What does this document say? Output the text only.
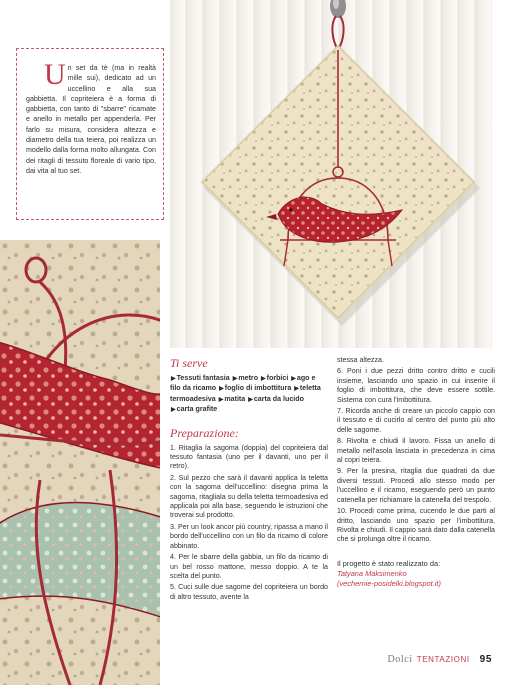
U n set da tè (ma in realtà mille sui), dedicato ad un uccellino e alla sua gabbietta. Il copriteiera è a forma di gabbietta, con tanto di "sbarre" ricamate e anello in metallo per appenderla. Per farlo su misura, considera altezza e diametro della tua teiera, poi realizza un modello dalla forma molto allungata. Con dei ritagli di tessuto floreale di vario tipo, dai vita al tuo set.
Ti serve
▶Tessuti fantasia ▶metro ▶forbici ▶ago e filo da ricamo ▶foglio di imbottitura ▶teletta termoadesiva ▶matita ▶carta da lucido ▶carta grafite
Preparazione:

1. Ritaglia la sagoma (doppia) del copriteiera dal tessuto fantasia (uno per il davanti, uno per il retro).

2. Sul pezzo che sarà il davanti applica la teletta con la sagoma dell'uccellino: disegna prima la sagoma, ritagliala su della teletta termoadesiva ed applicala poi alla base, seguendo le istruzioni che troverai sul prodotto.

3. Per un look ancor più country, ripassa a mano il bordo dell'uccellino con un filo da ricamo di colore abbinato.

4. Per le sbarre della gabbia, un filo da ricamo di un bel rosso mattone, messo doppio. A te la scelta del punto.

5. Cuci sulle due sagome del copriteiera un bordo di altro tessuto, avente la

stessa altezza.

6. Poni i due pezzi dritto contro dritto e cucili insieme, lasciando uno spazio in cui inserire il foglio di imbottitura, che deve essere sottile. Sistema con cura l'imbottitura.

7. Ricorda anche di creare un piccolo cappio con il tessuto e di cucirlo al centro del punto più alto delle sagome.

8. Rivolta e chiudi il lavoro. Fissa un anello di metallo nell'asola lasciata in precedenza in cima al copri teiera.

9. Per la presina, ritaglia due quadrati da due diversi tessuti. Procedi allo stesso modo per l'uccellino e il ricamo, eseguendo però un punto catenella per richiamare la catenella del trespolo.

10. Procedi come prima, cucendo le due parti al dritto, lasciando uno spazio per l'imbottitura. Rivolta e chiudi. Il cappio sarà dato dalla catenella che si prolunga oltre il ricamo.

Il progetto è stato realizzato da:
Tatyana Maksimenko
(vechernie-posidelki.blogspot.it)
Dolci TENTAZIONI 95
